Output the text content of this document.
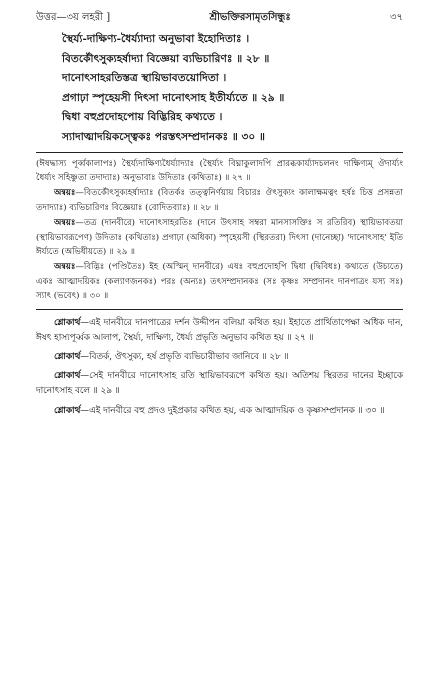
উত্তর—৩য় লহরী ]	শ্রীভক্তিরসামৃতসিন্ধুঃ	৩৭
স্থৈর্য্য-দাক্ষিণ্য-ধৈর্য্যাদ্যা অনুভাবা ইহোদিতাঃ ।
বিতর্কৌৎসুক্যহর্ষাদ্যা বিজ্ঞেয়া ব্যভিচারিণঃ ॥ ২৮ ॥
দানোৎসাহরতিস্তত্র স্থায়িভাবতয়োদিতা ।
প্রগাঢ়া স্পৃহেয়সী দিৎসা দানোৎসাহ ইতীর্য্যতে ॥ ২৯ ॥
দ্বিধা বহুপ্রদোহপোয় বিদ্ভিরিহ কথ্যতে ।
স্যাদাত্মাদয়িকস্ত্বেকঃ পরস্তৎসম্প্রদানকঃ ॥ ৩০ ॥

(ঈষদ্ধাস্য পূর্ব্বকালাপঃ) স্থৈর্য্যদাক্ষিণ্যধৈর্য্যাদ্যাঃ (স্থৈর্য্যং বিঘ্নাকুলাদপি প্রারব্ধকার্য্যাদচলনং দাক্ষিণ্যম্ ঔদার্য্যং ধৈর্য্যং সহিষ্ণুতা তদাদ্যাঃ) অনুভাবাঃ উদিতাঃ (কথিতাঃ) ॥ ২৭ ॥

অন্বয়ঃ—বিতর্কৌৎসুক্যহর্ষাদ্যাঃ (বিতর্কঃ তত্ত্বনির্ণয়ায় বিচারঃ ঔৎসুক্যং কালাক্ষমত্বং হর্ষঃ চিত্ত প্রসন্নতা তদাদ্যাঃ) ব্যভিচারিণঃ বিজ্ঞেয়াঃ (বোদিতব্যাঃ) ॥ ২৮ ॥

অন্বয়ঃ—তত্র (দানবীরে) দানোৎসাহরতিঃ (দানে উৎসাহ সম্বরা মানসাসক্তিঃ স রতিরিব) স্থায়িভাবতয়া (স্থায়িভাবরূপেণ) উদিতাঃ (কথিতাঃ) প্রগাঢ়া (অধিকা) স্পৃহেয়সী (স্থিরতরা) দিৎসা (দানেচ্ছা) 'দানোৎসাহ' ইতি ঈর্য্যতে (অভিধীয়তে) ॥ ২৯ ॥

অন্বয়ঃ—বিদ্ভিঃ (পণ্ডিতৈঃ) ইহ (অস্মিন্ দানবীরে) এষঃ বহুপ্রদোহপি দ্বিধা (দ্বিবিধঃ) কথ্যতে (উচ্যতে) একঃ আত্মাদয়িকঃ (কল্যাণজনকঃ) পরঃ (অন্যঃ) তৎসম্প্রদানকঃ (সঃ কৃষ্ণঃ সম্প্রদানং দানপাত্রং যস্য সঃ) স্যাৎ (ভবেৎ) ॥ ৩০ ॥

শ্লোকার্থ—এই দানবীরে দানপাত্রের দর্শন উদ্দীপন বলিয়া কথিত হয়। ইহাতে প্রার্থিতাপেক্ষা অধিক দান, ঈষৎ হাস্যপূর্ব্বক আলাপ, স্থৈর্য্য, দাক্ষিণ্য, ধৈর্য্য প্রভৃতি অনুভাব কথিত হয় ॥ ২৭ ॥

শ্লোকার্থ—বিতর্ক, ঔৎসুক্য, হর্ষ প্রভৃতি ব্যভিচারীভাব জানিবে ॥ ২৮ ॥

শ্লোকার্থ—সেই দানবীরে দানোৎসাহ রতি স্থায়িভাবরূপে কথিত হয়। অতিশয় স্থিরতর দানের ইচ্ছাকে দানোৎসাহ বলে ॥ ২৯ ॥

শ্লোকার্থ—এই দানবীরে বহু প্রদও দুইপ্রকার কথিত হয়, এক আত্মাদয়িক ও কৃষ্ণসম্প্রদানক ॥ ৩০ ॥
